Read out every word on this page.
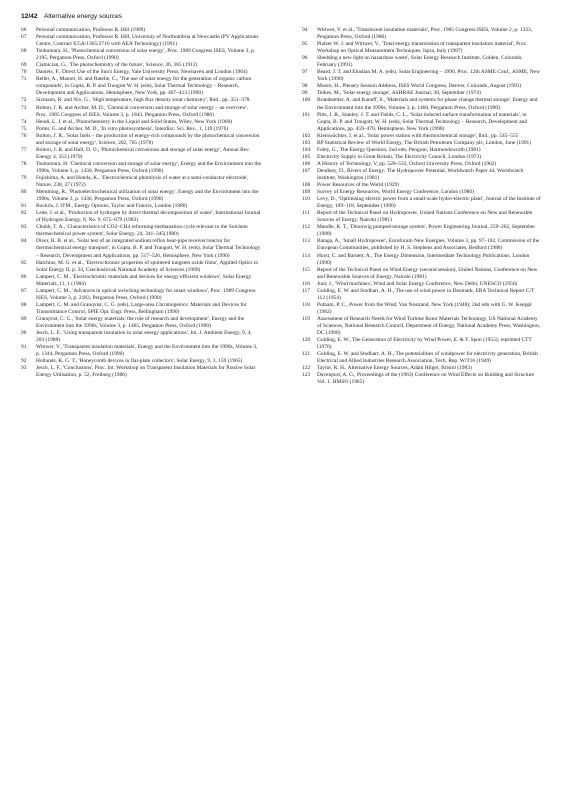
12/42 Alternative energy sources

66 Personal communication, Professor R. Hill (1989)

67 Personal communication, Professor R. Hill, University of Northumbria at Newcastle (PV Applications Centre, Contract E/5A/1365/2716 with AEA Technology) (1991)

68 Tsubomura, H., 'Photochemical conversion of solar energy', Proc. 1989 Congress ISES, Volume 3, p. 2195, Pergamon Press, Oxford (1990)

69 Ciamician, G., 'The photochemistry of the future', Science, 36, 385 (1912)

70 Daniels, F., Direct Use of the Sun's Energy, Yale University Press, Newhaven and London (1964)

71 Reller, A., Maurer, H. and Ratelle, C., 'The use of solar energy for the generation of organic carbon compounds', in Gupta, B. P. and Traugott W. H. (eds), Solar Thermal Technology – Research, Development and Applications, Hemisphere, New York, pp. 407–413 (1990)

72 Sizmann, R. and Nix, G., 'High temperature, high flux density solar chemistry', Ibid., pp. 351–378.

73 Bolton, J. R. and Archer, M. D., 'Chemical conversion and storage of solar energy – an overview', Proc. 1985 Congress of ISES, Volume 3, p. 1843, Pergamon Press, Oxford (1986)

74 Hendi, L. J. et al., Photochemistry in the Liquid and Solid States, Wiley, New York (1960)

75 Porter, G. and Archer, M. D., 'In vitro photosynthesis', Interdisc. Sci. Rev., 1, 119 (1976)

76 Bolton, J. R., 'Solar fuels – the production of energy-rich compounds by the photochemical conversion and storage of solar energy', Science, 202, 705 (1978)

77 Bolton, J. R. and Hall, D. O., 'Photochemical conversion and storage of solar energy', Annual Rev. Energy 4, 353 (1979)

78 Tsubomura, H. 'Chemical conversion and storage of solar energy', Energy and the Environment into the 1990s, Volume 3, p. 1430, Pergamon Press, Oxford (1990)

79 Fujishima, A. and Honda, K., 'Electrochemical photolysis of water at a semi-conductor electrode', Nature, 238, 37 (1972)

80 Memming, R., 'Photoelectrochemical utilization of solar energy', Energy and the Environment into the 1990s, Volume 3, p. 1436, Pergamon Press, Oxford (1990)

81 Bockris, J. O'M., Energy Options, Taylor and Francis, London (1980)

82 Lede, J. et al., 'Production of hydrogen by direct thermal decomposition of water', International Journal of Hydrogen Energy, 8, No. 9, 675–679 (1983)

83 Chubb, T. A., 'Characteristics of CO2–CH4 reforming-methanation cycle relevant to the Solchem thermochemical power system', Solar Energy, 24, 341–345(1980)

84 Diver, R. B. et al., 'Solar test of an integrated sodium reflux heat-pipe receiver/reactor for thermochemical energy transport', in Gupta, B. P. and Traugott, W. H. (eds), Solar Thermal Technology – Research, Development and Applications, pp. 517–526, Hemisphere, New York (1990)

85 Hatchins, M. G. et al., 'Electrochromic properties of sputtered tungsten oxide films', Applied Optics in Solar Energy II, p. 34, Czechoslovak National Academy of Sciences (1989)

86 Lampert, C. M., 'Electrochromic materials and devices for energy efficient windows', Solar Energy Materials, 11, 1 (1984)

87 Lampert, C. M., 'Advances in optical switching technology for smart windows', Proc. 1989 Congress ISES, Volume 3, p. 2183, Pergamon Press, Oxford (1990)

88 Lampert, C. M. and Granqvist, C. G. (eds), Large-area Chromogenics: Materials and Devices for Transmittance Control, SPIE Opt. Engr. Press, Bellingham (1990)

89 Granqvist, C. G., 'Solar energy materials: the role of research and development', Energy and the Environment into the 1990s, Volume 3, p. 1465, Pergamon Press, Oxford (1990)

90 Jesch, L. F., 'Using transparent insulation in solar energy applications', Int. J. Ambient Energy, 9, 4, 203 (1988)

91 Wittwer, V., 'Transparent insulation materials', Energy and the Environment into the 1990s, Volume 3, p. 1344, Pergamon Press, Oxford (1990)

92 Hollands, K. G. T., 'Honeycomb devices in flat-plate collectors', Solar Energy, 9, 3, 159 (1965)

93 Jesch, L. F., 'Conclusions', Proc. Int. Workshop on Transparent Insulation Materials for Passive Solar Energy Utilisation, p. 52, Freiburg (1986)

94 Wittwer, V. et al., 'Translucent insulation materials', Proc. 1985 Congress ISES, Volume 2, p. 1333, Pergamon Press, Oxford (1986)

95 Platzer W. J. and Wittwer, V., 'Total energy transmission of transparent insulation material', Proc. Workshop on Optical Measurement Techniques, Ispra, Italy (1987)

96 Shedding a new light on hazardous waste', Solar Energy Research Institute, Golden, Colorado, February (1991)

97 Beard, J. T. and Ebadian M. A. (eds), Solar Engineering – 1990, Proc. 12th ASME Conf., ASME, New York (1990)

98 Moore, H., Plenary Session Address, ISES World Congress, Denver, Colorado, August (1991)

99 Telkes, M., 'Solar energy storage', ASHRAE Journal, 38, September (1974)

100 Brandstetter, A. and Kaneff, S., 'Materials and systems for phase change thermal storage', Energy and the Environment into the 1990s, Volume 3, p. 1460, Pergamon Press, Oxford (1990)

101 Pitts, J. R., Stanley, J. T. and Fields, C. L., 'Solar induced surface transformation of materials', in Gupta, B. P. and Traugott, W. H. (eds), Solar Thermal Technology – Research, Development and Applications, pp. 459–470, Hemisphere, New York (1990)

102 Kleinwächter, J. et al., 'Solar power station with thermochemical storage', Ibid., pp. 545–555

103 BP Statistical Review of World Energy, The British Petroleum Company plc, London, June (1991)

104 Foley, G., The Energy Question, 2nd edn, Penguin, Harmondsworth (1981)

105 Electricity Supply in Great Britain, The Electricity Council, London (1973)

106 A History of Technology, V, pp. 528–533, Oxford University Press, Oxford (1962)

107 Deudney, D., Rivers of Energy: The Hydropower Potential, Worldwatch Paper 44, Worldwatch Institute, Washington (1981)

108 Power Resources of the World (1929)

109 Survey of Energy Resources, World Energy Conference, London (1980)

110 Levy, D., 'Optimising electric power from a small-scale hydro-electric plant', Journal of the Institute of Energy, 109–118, September (1990)

111 Report of the Technical Panel on Hydropower, United Nations Conference on New and Renewable Sources of Energy, Nairobi (1981)

112 Mandle, K. T., 'Dinorwig pumped-storage system', Power Engineering Journal, 259–262, September (1988)

113 Bataga, A., 'Small Hydropower', Euroforum New Energies, Volume 3, pp. 97–102, Commission of the European Communities, published by H. S. Stephens and Associates, Bedford (1988)

114 Hurst, C. and Barnett, A., The Energy Dimension, Intermediate Technology Publications, London (1990)

115 Report of the Technical Panel on Wind Energy (second session), United Nations, Conference on New and Renewable Sources of Energy, Nairobi (1981)

116 Juul, J., 'Wind machines', Wind and Solar Energy Conference, New Delhi, UNESCO (1956)

117 Golding, E. W. and Stodhart, A. H., The use of wind power in Denmark, ERA Technical Report C/T 112 (1954)

118 Putnam, P. C., Power from the Wind, Van Nostrand, New York (1948); 2nd edn with G. W. Koeppl (1982)

119 Assessment of Research Needs for Wind Turbine Rotor Materials Technology, US National Academy of Sciences, National Research Council, Department of Energy, National Academy Press, Washington, DC (1990)

120 Golding, E. W., The Generation of Electricity by Wind Power, E. & F. Spon (1955); reprinted CTT (1976)

121 Golding, E. W. and Stodhart, A. H., The potentialities of windpower for electricity generation, British Electrical and Allied Industries Research Association, Tech. Rep. W/T16 (1949)

122 Taylor, R. H., Alternative Energy Sources, Adam Hilger, Bristol (1983)

123 Davenport, A. G., Proceedings of the (1963) Conference on Wind Effects on Building and Structure Vol. 1. HMSO (1965)
